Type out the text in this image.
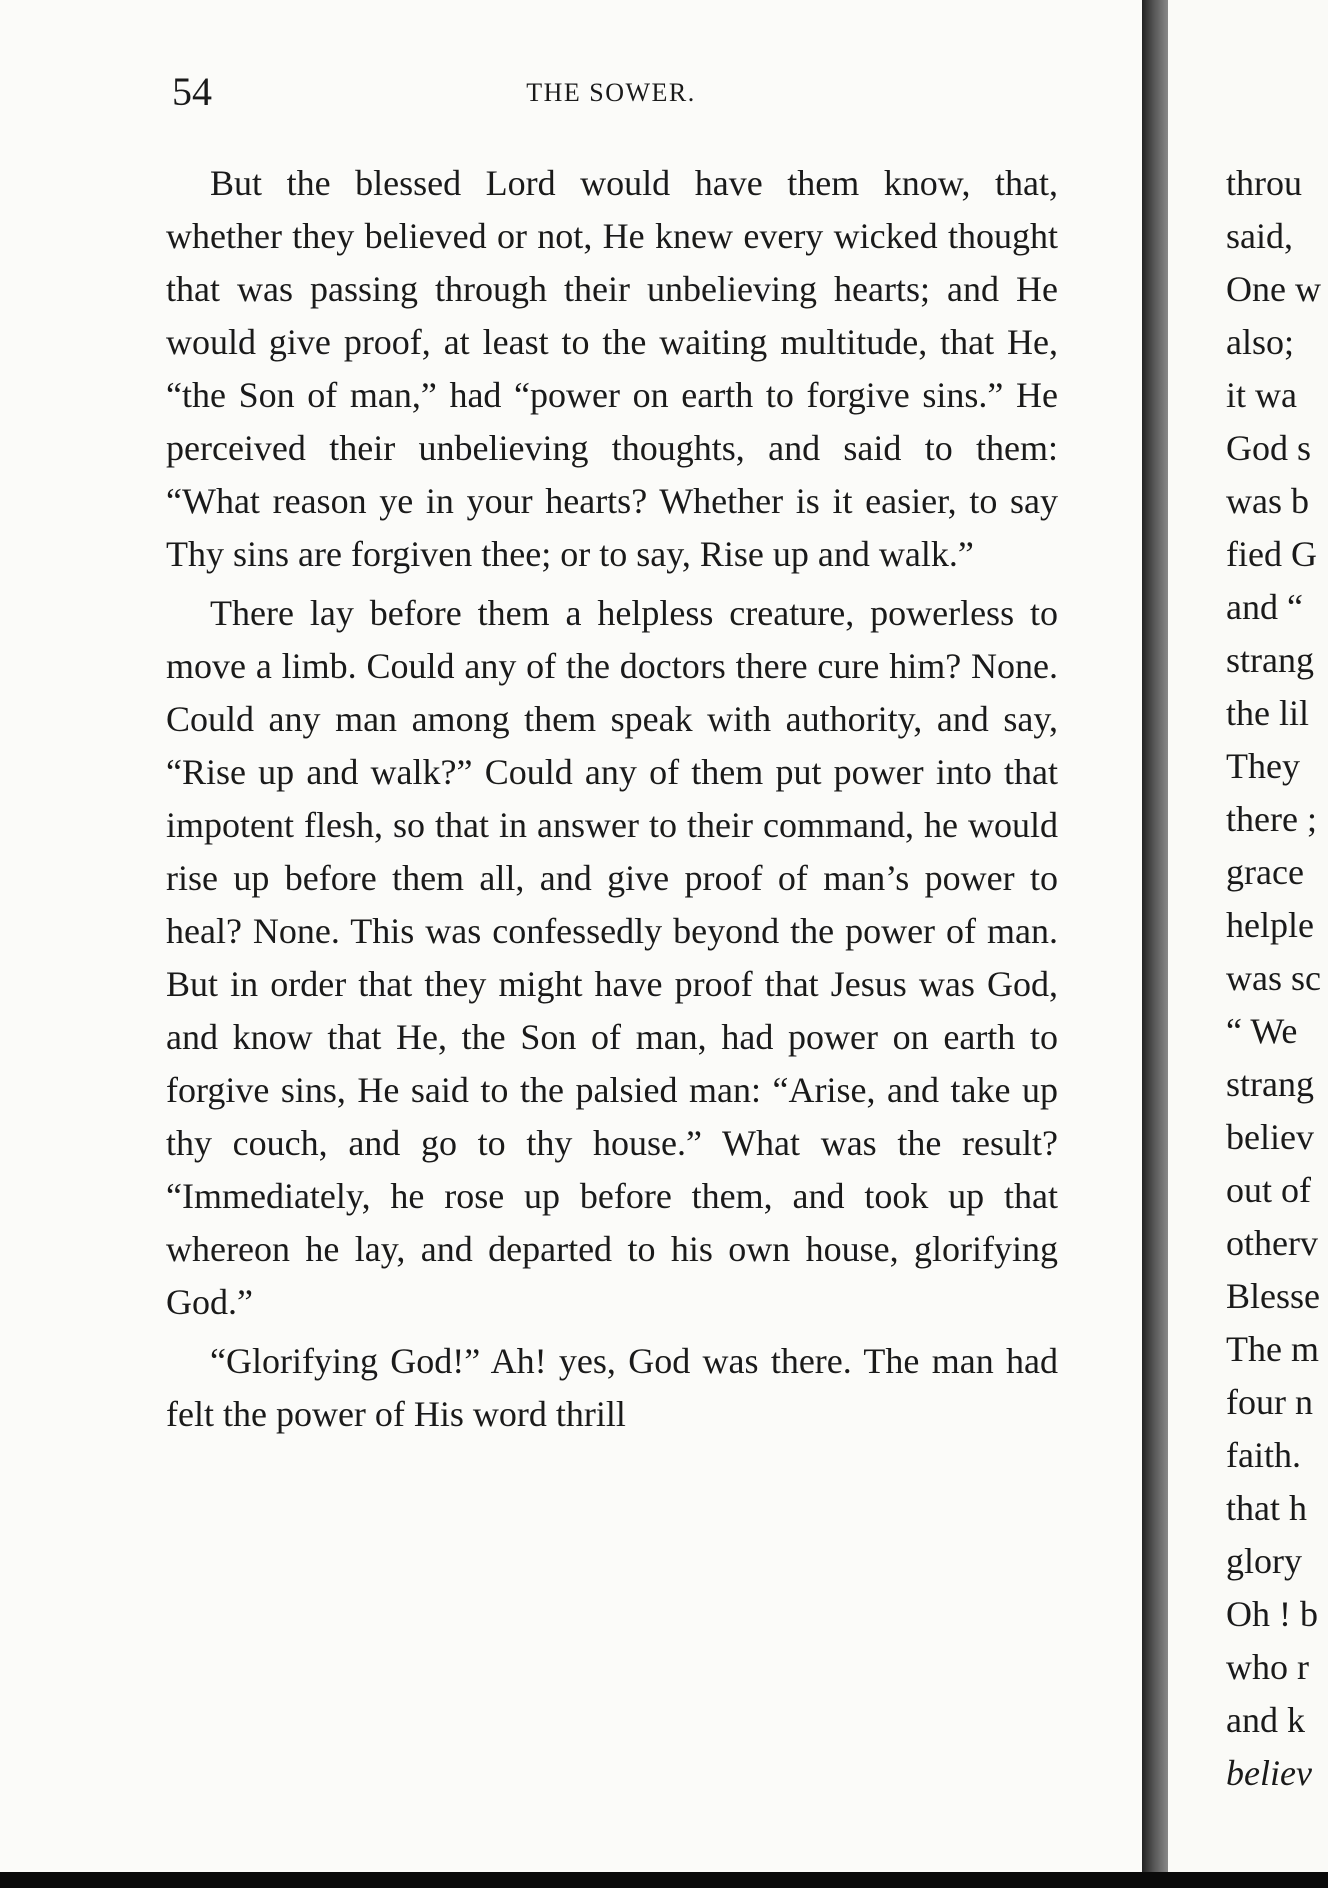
54	THE SOWER.

But the blessed Lord would have them know, that, whether they believed or not, He knew every wicked thought that was passing through their unbelieving hearts; and He would give proof, at least to the waiting multitude, that He, “the Son of man,” had “power on earth to forgive sins.” He perceived their unbelieving thoughts, and said to them: “What reason ye in your hearts? Whether is it easier, to say Thy sins are forgiven thee; or to say, Rise up and walk.”

There lay before them a helpless creature, powerless to move a limb. Could any of the doctors there cure him? None. Could any man among them speak with authority, and say, “Rise up and walk?” Could any of them put power into that impotent flesh, so that in answer to their command, he would rise up before them all, and give proof of man’s power to heal? None. This was confessedly beyond the power of man. But in order that they might have proof that Jesus was God, and know that He, the Son of man, had power on earth to forgive sins, He said to the palsied man: “Arise, and take up thy couch, and go to thy house.” What was the result? “Immediately, he rose up before them, and took up that whereon he lay, and departed to his own house, glorifying God.”

“Glorifying God!” Ah! yes, God was there. The man had felt the power of His word thrill

throu
said,
One w
also;
it wa
God s
was b
fied G
and “
strang
the lil
They
there ;
grace
helple
was sc
“ We
strang
believ
out of
otherv
Blesse
The m
four n
faith.
that h
glory
Oh ! b
who r
and k
believ
